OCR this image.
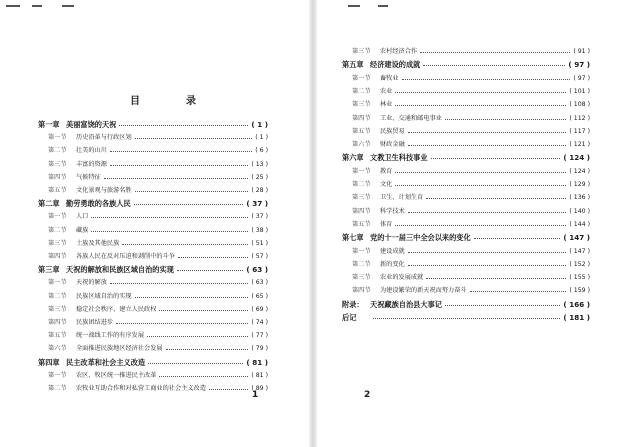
目　录
第一章 美丽富饶的天祝	( 1 )
第一节 历史沿革与行政区划	( 1 )
第二节 壮美的山川	( 6 )
第三节 丰富的资源	( 13 )
第四节 气候特征	( 25 )
第五节 文化景观与旅游名胜	( 28 )
第二章 勤劳勇敢的各族人民	( 37 )
第一节 人口	( 37 )
第二节 藏族	( 38 )
第三节 土族及其他民族	( 51 )
第四节 各族人民在反对压迫和剥削中的斗争	( 57 )
第三章 天祝的解放和民族区域自治的实现	( 63 )
第一节 天祝的解放	( 63 )
第二节 民族区域自治的实现	( 65 )
第三节 稳定社会秩序，建立人民政权	( 69 )
第四节 民族团结进步	( 74 )
第五节 统一战线工作的有序发展	( 77 )
第六节 全面推进民族地区经济社会发展	( 79 )
第四章 民主改革和社会主义改造	( 81 )
第一节 农区、牧区统一推进民主改革	( 81 )
第二节 农牧业互助合作和对私营工商业的社会主义改造	( 89 )
1
第三节 农村经济合作	( 91 )
第五章 经济建设的成就	( 97 )
第一节 畜牧业	( 97 )
第二节 农业	( 101 )
第三节 林业	( 108 )
第四节 工业、交通和邮电事业	( 112 )
第五节 民族贸易	( 117 )
第六节 财政金融	( 121 )
第六章 文教卫生科技事业	( 124 )
第一节 教育	( 124 )
第二节 文化	( 129 )
第三节 卫生、计划生育	( 136 )
第四节 科学技术	( 140 )
第五节 体育	( 144 )
第七章 党的十一届三中全会以来的变化	( 147 )
第一节 建设成就	( 147 )
第二节 新的变化	( 152 )
第三节 农业的发展成就	( 155 )
第四节 为建设繁荣的新天祝而努力奋斗	( 159 )
附录： 天祝藏族自治县大事记	( 166 )
后记	( 181 )
2
